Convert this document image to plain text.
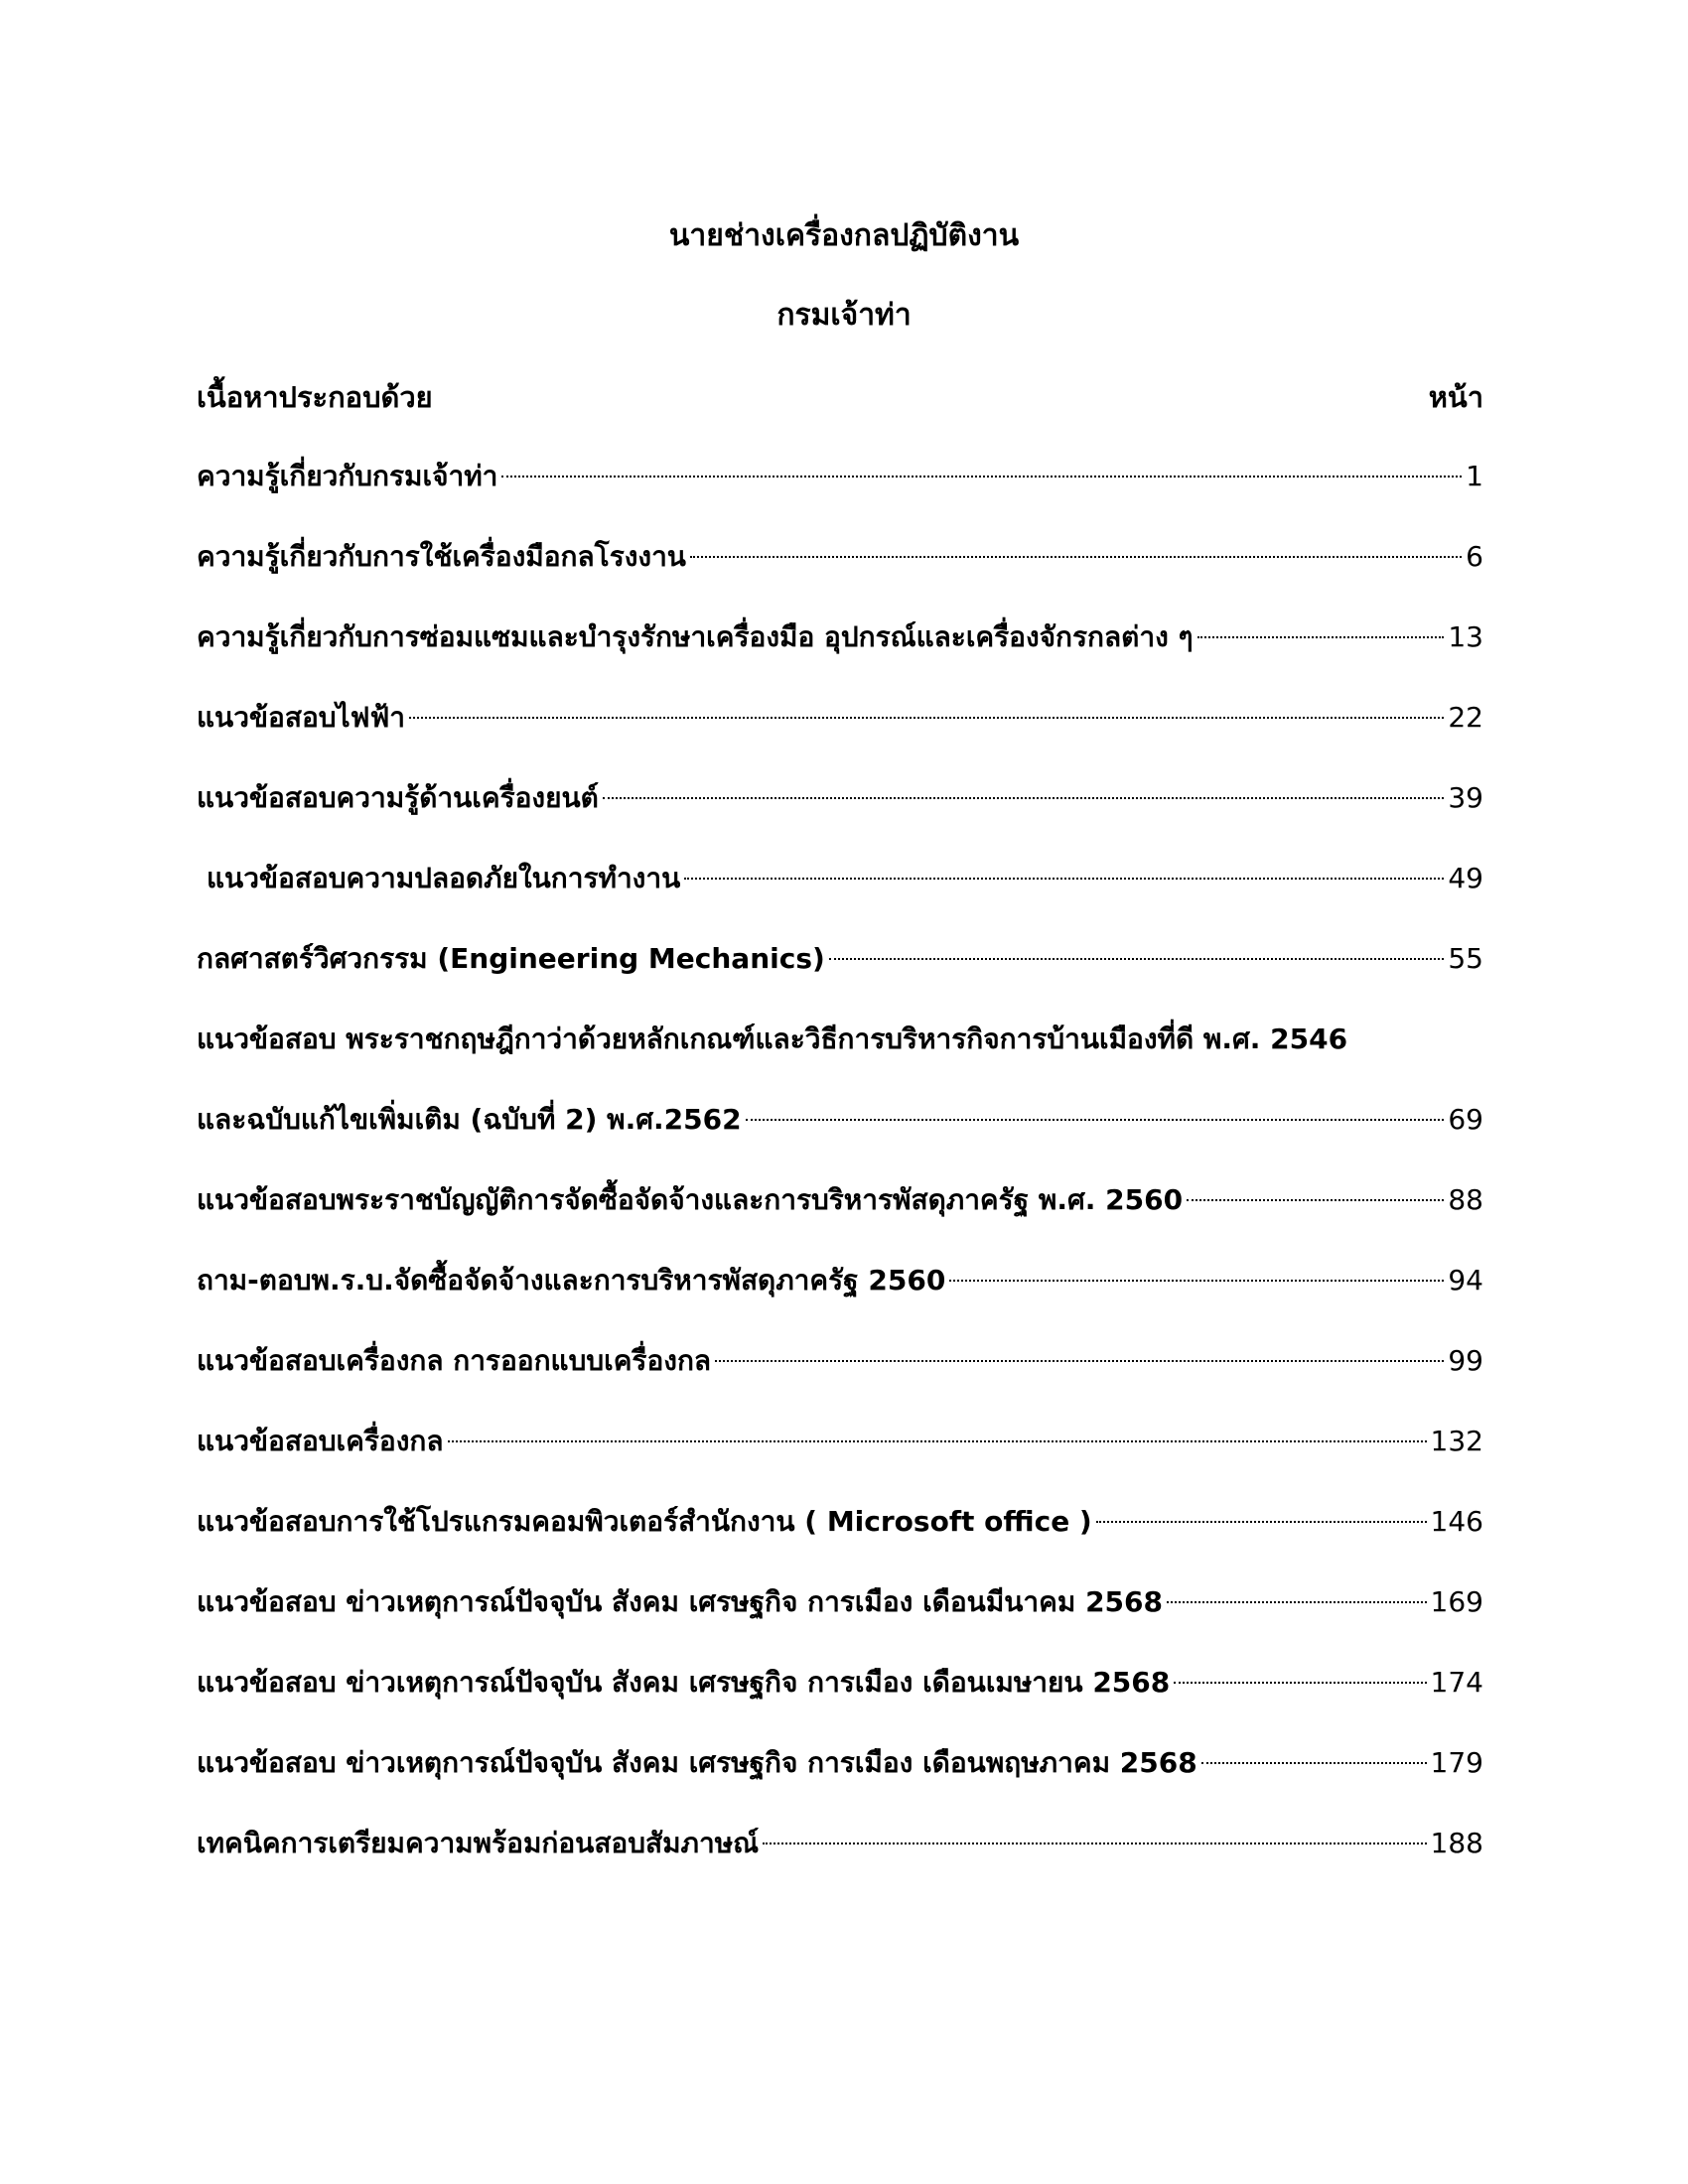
นายช่างเครื่องกลปฏิบัติงาน
กรมเจ้าท่า
เนื้อหาประกอบด้วย	หน้า
ความรู้เกี่ยวกับกรมเจ้าท่า	1
ความรู้เกี่ยวกับการใช้เครื่องมือกลโรงงาน	6
ความรู้เกี่ยวกับการซ่อมแซมและบำรุงรักษาเครื่องมือ อุปกรณ์และเครื่องจักรกลต่าง ๆ	13
แนวข้อสอบไฟฟ้า	22
แนวข้อสอบความรู้ด้านเครื่องยนต์	39
แนวข้อสอบความปลอดภัยในการทำงาน	49
กลศาสตร์วิศวกรรม (Engineering Mechanics)	55
แนวข้อสอบ พระราชกฤษฎีกาว่าด้วยหลักเกณฑ์และวิธีการบริหารกิจการบ้านเมืองที่ดี พ.ศ. 2546
และฉบับแก้ไขเพิ่มเติม (ฉบับที่ 2) พ.ศ.2562	69
แนวข้อสอบพระราชบัญญัติการจัดซื้อจัดจ้างและการบริหารพัสดุภาครัฐ พ.ศ. 2560	88
ถาม-ตอบพ.ร.บ.จัดซื้อจัดจ้างและการบริหารพัสดุภาครัฐ 2560	94
แนวข้อสอบเครื่องกล การออกแบบเครื่องกล	99
แนวข้อสอบเครื่องกล	132
แนวข้อสอบการใช้โปรแกรมคอมพิวเตอร์สำนักงาน ( Microsoft office )	146
แนวข้อสอบ ข่าวเหตุการณ์ปัจจุบัน สังคม เศรษฐกิจ การเมือง เดือนมีนาคม 2568	169
แนวข้อสอบ ข่าวเหตุการณ์ปัจจุบัน สังคม เศรษฐกิจ การเมือง เดือนเมษายน 2568	174
แนวข้อสอบ ข่าวเหตุการณ์ปัจจุบัน สังคม เศรษฐกิจ การเมือง เดือนพฤษภาคม 2568	179
เทคนิคการเตรียมความพร้อมก่อนสอบสัมภาษณ์	188
